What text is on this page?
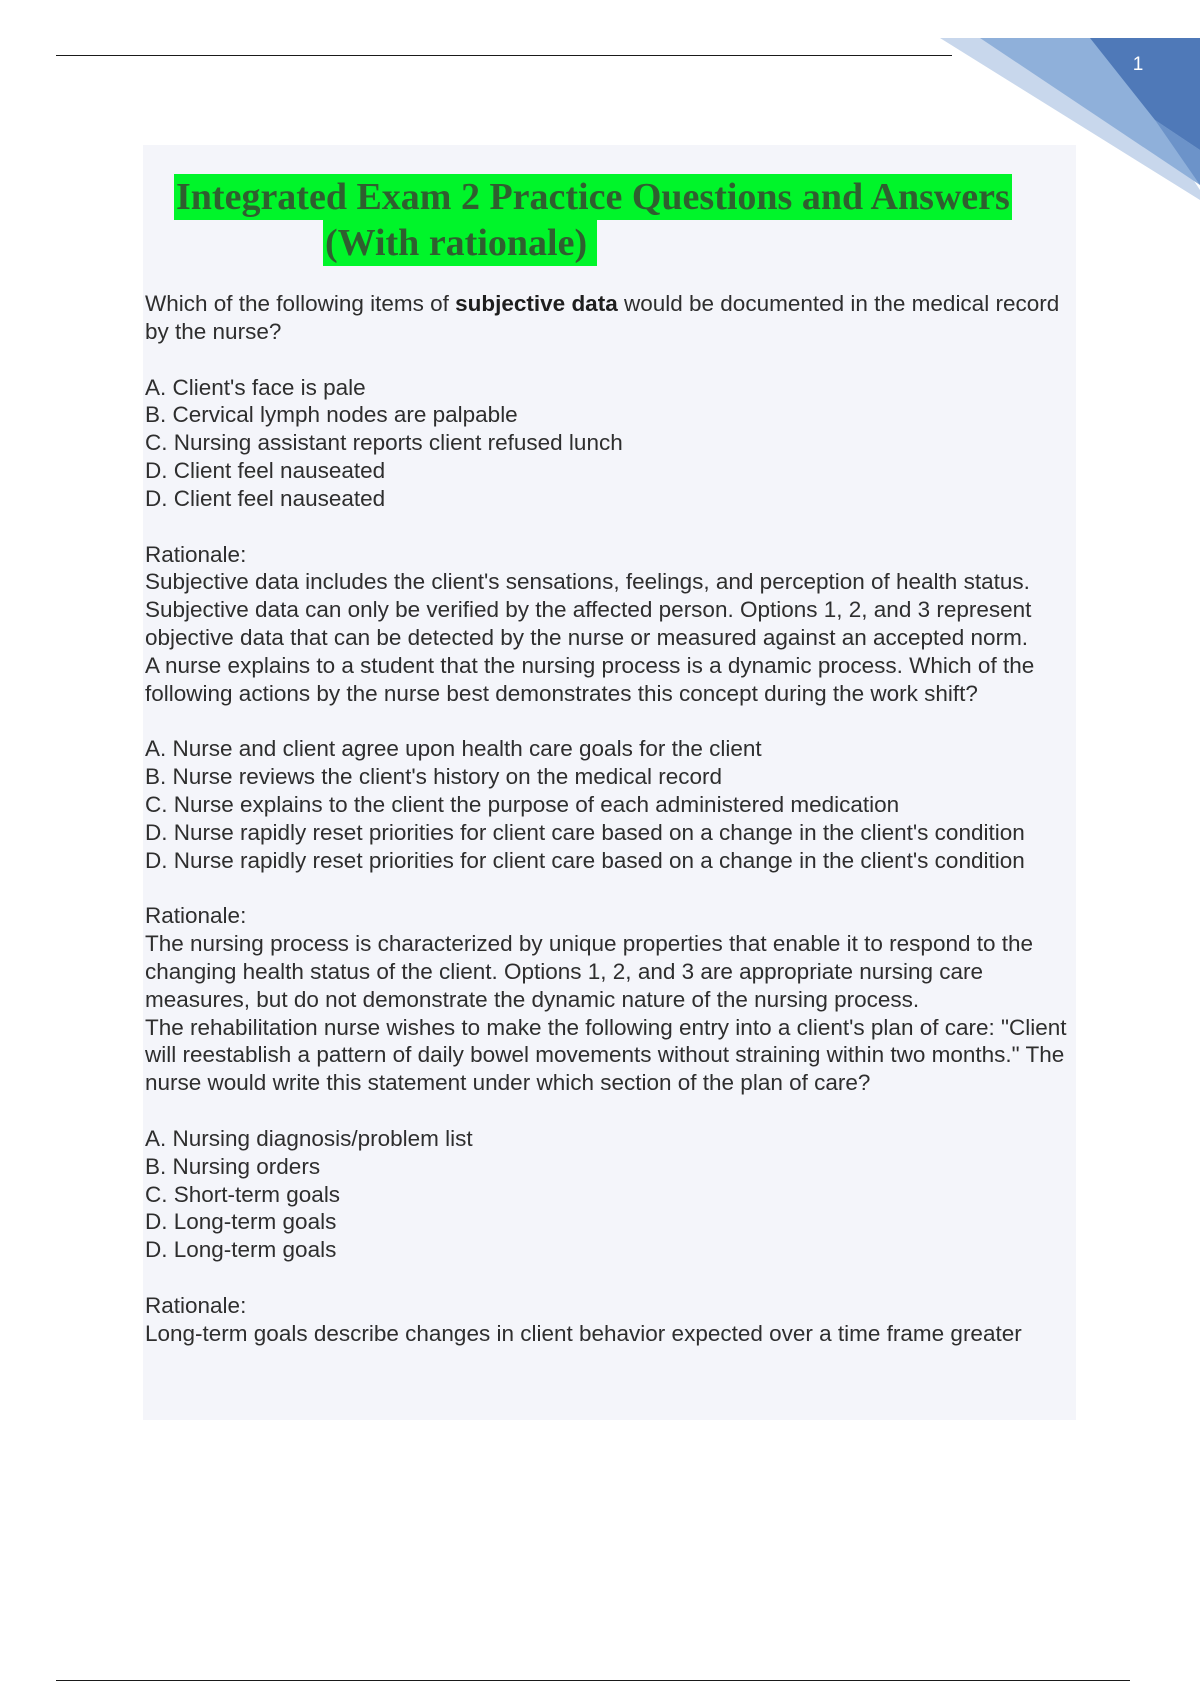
1
Integrated Exam 2 Practice Questions and Answers
(With rationale)

Which of the following items of subjective data would be documented in the medical record by the nurse?

A. Client's face is pale

B. Cervical lymph nodes are palpable

C. Nursing assistant reports client refused lunch

D. Client feel nauseated

D. Client feel nauseated

Rationale:

Subjective data includes the client's sensations, feelings, and perception of health status. Subjective data can only be verified by the affected person. Options 1, 2, and 3 represent objective data that can be detected by the nurse or measured against an accepted norm.

A nurse explains to a student that the nursing process is a dynamic process. Which of the following actions by the nurse best demonstrates this concept during the work shift?

A. Nurse and client agree upon health care goals for the client

B. Nurse reviews the client's history on the medical record

C. Nurse explains to the client the purpose of each administered medication

D. Nurse rapidly reset priorities for client care based on a change in the client's condition

D. Nurse rapidly reset priorities for client care based on a change in the client's condition

Rationale:

The nursing process is characterized by unique properties that enable it to respond to the changing health status of the client. Options 1, 2, and 3 are appropriate nursing care measures, but do not demonstrate the dynamic nature of the nursing process.

The rehabilitation nurse wishes to make the following entry into a client's plan of care: "Client will reestablish a pattern of daily bowel movements without straining within two months." The nurse would write this statement under which section of the plan of care?

A. Nursing diagnosis/problem list

B. Nursing orders

C. Short-term goals

D. Long-term goals

D. Long-term goals

Rationale:

Long-term goals describe changes in client behavior expected over a time frame greater
